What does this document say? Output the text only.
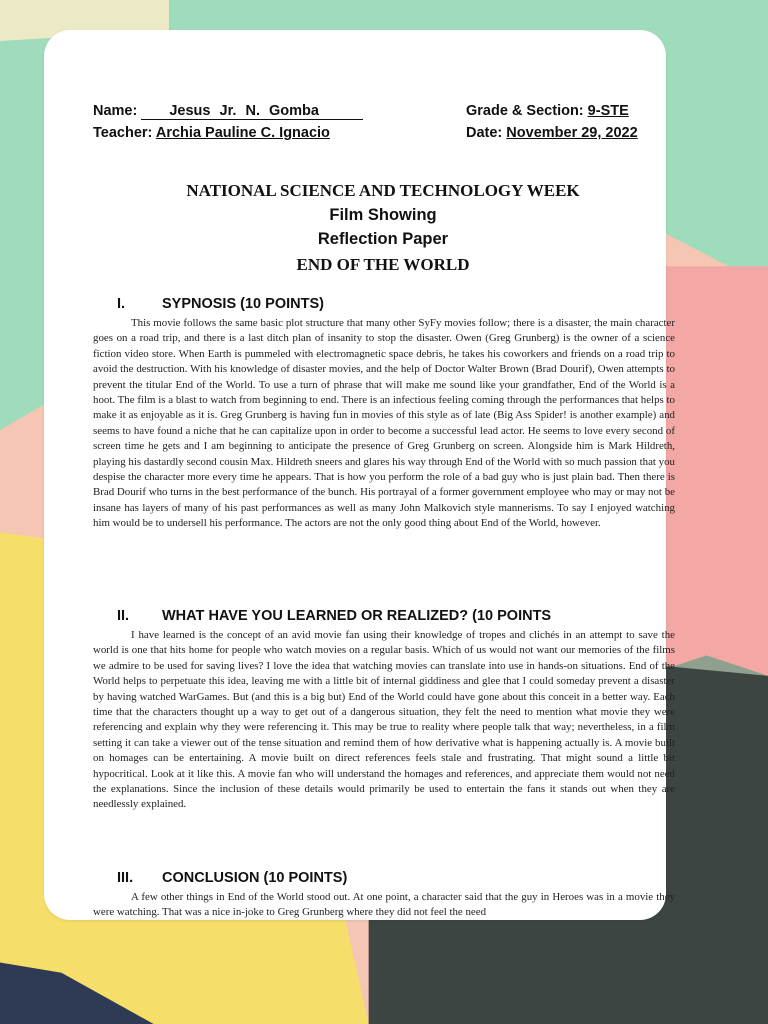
Name: Jesus Jr. N. Gomba	Grade & Section: 9-STE
Teacher: Archia Pauline C. Ignacio	Date: November 29, 2022
NATIONAL SCIENCE AND TECHNOLOGY WEEK
Film Showing
Reflection Paper
END OF THE WORLD
I.	SYPNOSIS (10 POINTS)

This movie follows the same basic plot structure that many other SyFy movies follow; there is a disaster, the main character goes on a road trip, and there is a last ditch plan of insanity to stop the disaster. Owen (Greg Grunberg) is the owner of a science fiction video store. When Earth is pummeled with electromagnetic space debris, he takes his coworkers and friends on a road trip to avoid the destruction. With his knowledge of disaster movies, and the help of Doctor Walter Brown (Brad Dourif), Owen attempts to prevent the titular End of the World. To use a turn of phrase that will make me sound like your grandfather, End of the World is a hoot. The film is a blast to watch from beginning to end. There is an infectious feeling coming through the performances that helps to make it as enjoyable as it is. Greg Grunberg is having fun in movies of this style as of late (Big Ass Spider! is another example) and seems to have found a niche that he can capitalize upon in order to become a successful lead actor. He seems to love every second of screen time he gets and I am beginning to anticipate the presence of Greg Grunberg on screen. Alongside him is Mark Hildreth, playing his dastardly second cousin Max. Hildreth sneers and glares his way through End of the World with so much passion that you despise the character more every time he appears. That is how you perform the role of a bad guy who is just plain bad. Then there is Brad Dourif who turns in the best performance of the bunch. His portrayal of a former government employee who may or may not be insane has layers of many of his past performances as well as many John Malkovich style mannerisms. To say I enjoyed watching him would be to undersell his performance. The actors are not the only good thing about End of the World, however.

II. WHAT HAVE YOU LEARNED OR REALIZED? (10 POINTS

I have learned is the concept of an avid movie fan using their knowledge of tropes and clichés in an attempt to save the world is one that hits home for people who watch movies on a regular basis. Which of us would not want our memories of the films we admire to be used for saving lives? I love the idea that watching movies can translate into use in hands-on situations. End of the World helps to perpetuate this idea, leaving me with a little bit of internal giddiness and glee that I could someday prevent a disaster by having watched WarGames. But (and this is a big but) End of the World could have gone about this conceit in a better way. Each time that the characters thought up a way to get out of a dangerous situation, they felt the need to mention what movie they were referencing and explain why they were referencing it. This may be true to reality where people talk that way; nevertheless, in a film setting it can take a viewer out of the tense situation and remind them of how derivative what is happening actually is. A movie built on homages can be entertaining. A movie built on direct references feels stale and frustrating. That might sound a little bit hypocritical. Look at it like this. A movie fan who will understand the homages and references, and appreciate them would not need the explanations. Since the inclusion of these details would primarily be used to entertain the fans it stands out when they are needlessly explained.

III. CONCLUSION (10 POINTS)

A few other things in End of the World stood out. At one point, a character said that the guy in Heroes was in a movie they were watching. That was a nice in-joke to Greg Grunberg where they did not feel the need
